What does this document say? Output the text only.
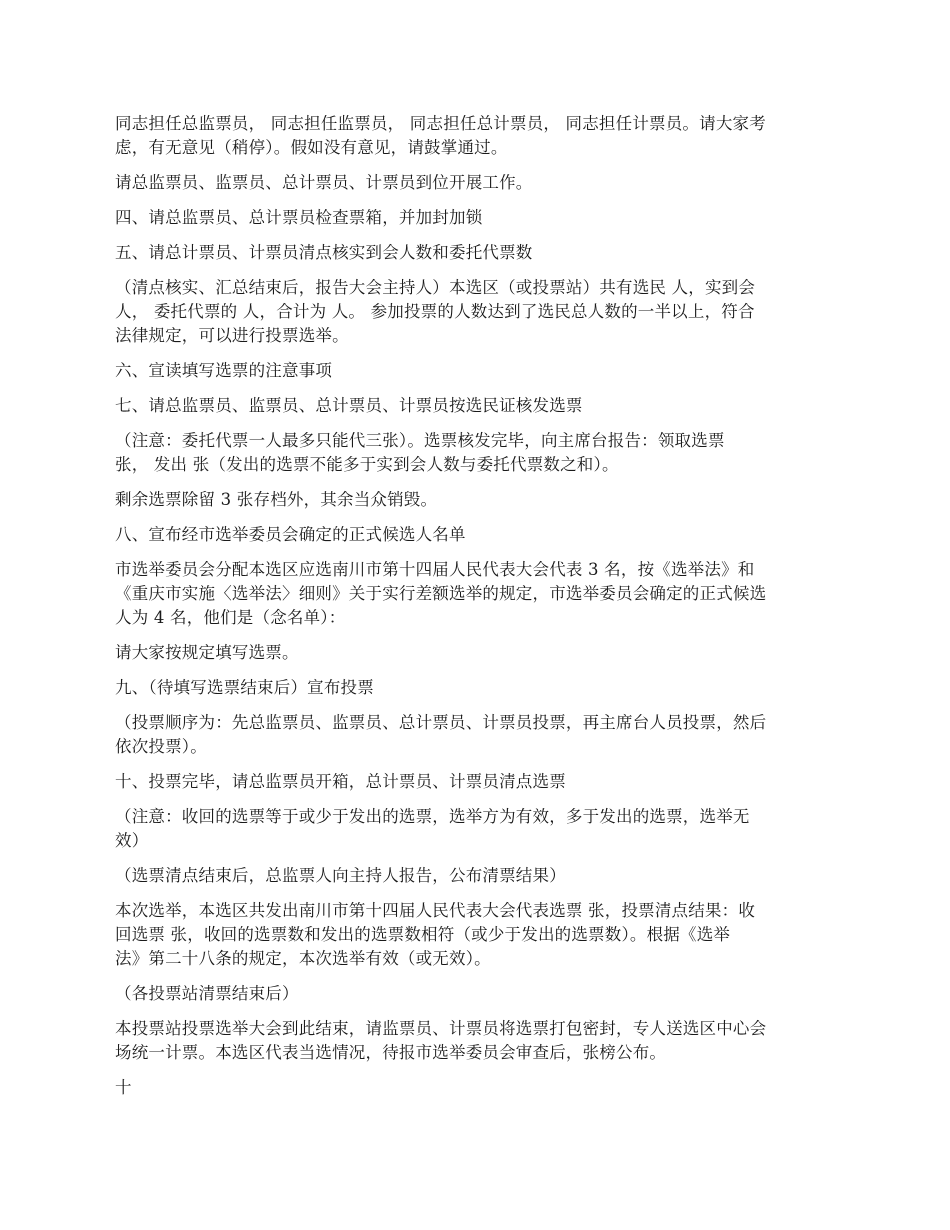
同志担任总监票员， 同志担任监票员， 同志担任总计票员， 同志担任计票员。请大家考
虑，有无意见（稍停）。假如没有意见，请鼓掌通过。

请总监票员、监票员、总计票员、计票员到位开展工作。

四、请总监票员、总计票员检查票箱，并加封加锁

五、请总计票员、计票员清点核实到会人数和委托代票数

（清点核实、汇总结束后，报告大会主持人）本选区（或投票站）共有选民 人，实到会
人， 委托代票的 人，合计为 人。 参加投票的人数达到了选民总人数的一半以上，符合
法律规定，可以进行投票选举。

六、宣读填写选票的注意事项

七、请总监票员、监票员、总计票员、计票员按选民证核发选票

（注意：委托代票一人最多只能代三张）。选票核发完毕，向主席台报告：领取选票
张， 发出 张（发出的选票不能多于实到会人数与委托代票数之和）。

剩余选票除留 3 张存档外，其余当众销毁。

八、宣布经市选举委员会确定的正式候选人名单

市选举委员会分配本选区应选南川市第十四届人民代表大会代表 3 名，按《选举法》和
《重庆市实施〈选举法〉细则》关于实行差额选举的规定，市选举委员会确定的正式候选
人为 4 名，他们是（念名单）：

请大家按规定填写选票。

九、（待填写选票结束后）宣布投票

（投票顺序为：先总监票员、监票员、总计票员、计票员投票，再主席台人员投票，然后
依次投票）。

十、投票完毕，请总监票员开箱，总计票员、计票员清点选票

（注意：收回的选票等于或少于发出的选票，选举方为有效，多于发出的选票，选举无
效）

（选票清点结束后，总监票人向主持人报告，公布清票结果）

本次选举，本选区共发出南川市第十四届人民代表大会代表选票 张，投票清点结果：收
回选票 张，收回的选票数和发出的选票数相符（或少于发出的选票数）。根据《选举
法》第二十八条的规定，本次选举有效（或无效）。

（各投票站清票结束后）

本投票站投票选举大会到此结束，请监票员、计票员将选票打包密封，专人送选区中心会
场统一计票。本选区代表当选情况，待报市选举委员会审查后，张榜公布。

十
